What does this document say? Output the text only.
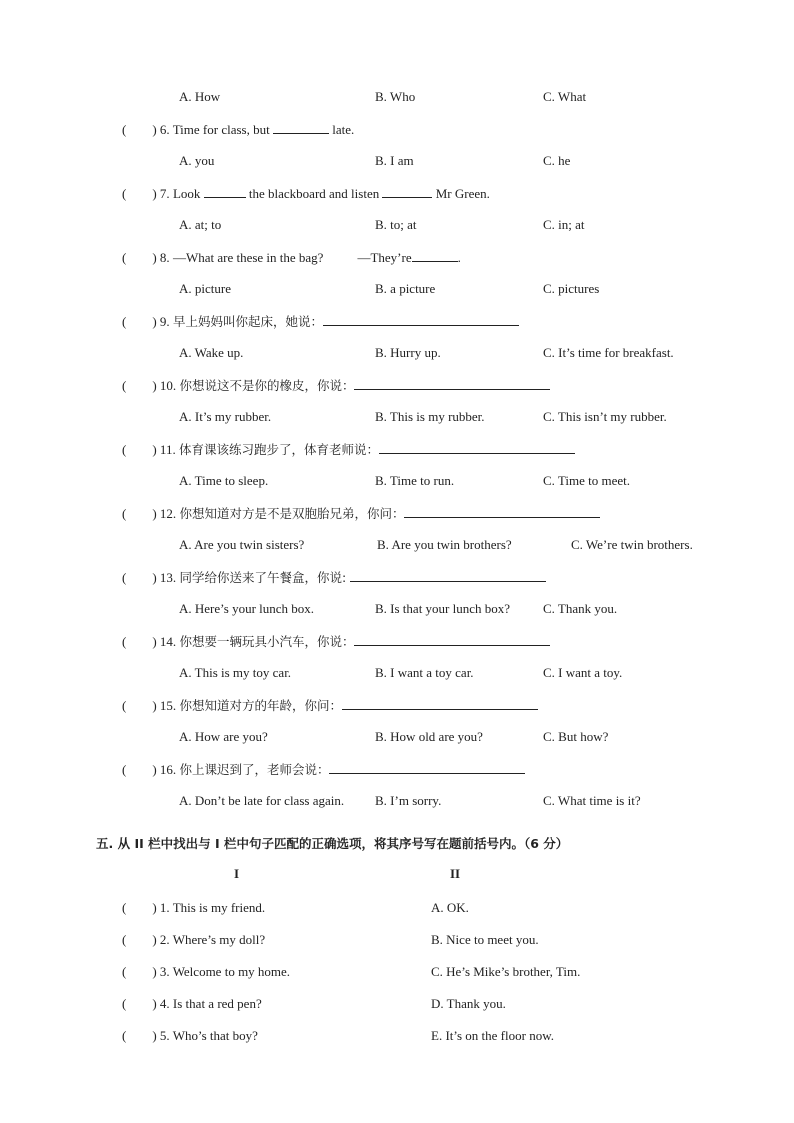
A. How	B. Who	C. What
( ) 6. Time for class, but	late.
A. you	B. I am	C. he
( ) 7. Look	the blackboard and listen	Mr Green.
A. at; to	B. to; at	C. in; at
( ) 8. —What are these in the bag?	—They’re	.
A. picture	B. a picture	C. pictures
( ) 9. 早上妈妈叫你起床，她说：
A. Wake up.	B. Hurry up.	C. It’s time for breakfast.
( ) 10. 你想说这不是你的橡皮，你说：
A. It’s my rubber.	B. This is my rubber.	C. This isn’t my rubber.
( ) 11. 体育课该练习跑步了，体育老师说：
A. Time to sleep.	B. Time to run.	C. Time to meet.
( ) 12. 你想知道对方是不是双胞胎兄弟，你问：
A. Are you twin sisters?	B. Are you twin brothers?	C. We’re twin brothers.
( ) 13. 同学给你送来了午餐盒，你说:
A. Here’s your lunch box.	B. Is that your lunch box?	C. Thank you.
( ) 14. 你想要一辆玩具小汽车，你说：
A. This is my toy car.	B. I want a toy car.	C. I want a toy.
( ) 15. 你想知道对方的年龄，你问：
A. How are you?	B. How old are you?	C. But how?
( ) 16. 你上课迟到了，老师会说：
A. Don’t be late for class again. B. I’m sorry.	C. What time is it?
五. 从 II 栏中找出与 I 栏中句子匹配的正确选项，将其序号写在题前括号内。（6 分）
I	II
( ) 1. This is my friend.	A. OK.
( ) 2. Where’s my doll?	B. Nice to meet you.
( ) 3. Welcome to my home.	C. He’s Mike’s brother, Tim.
( ) 4. Is that a red pen?	D. Thank you.
( ) 5. Who’s that boy?	E. It’s on the floor now.
